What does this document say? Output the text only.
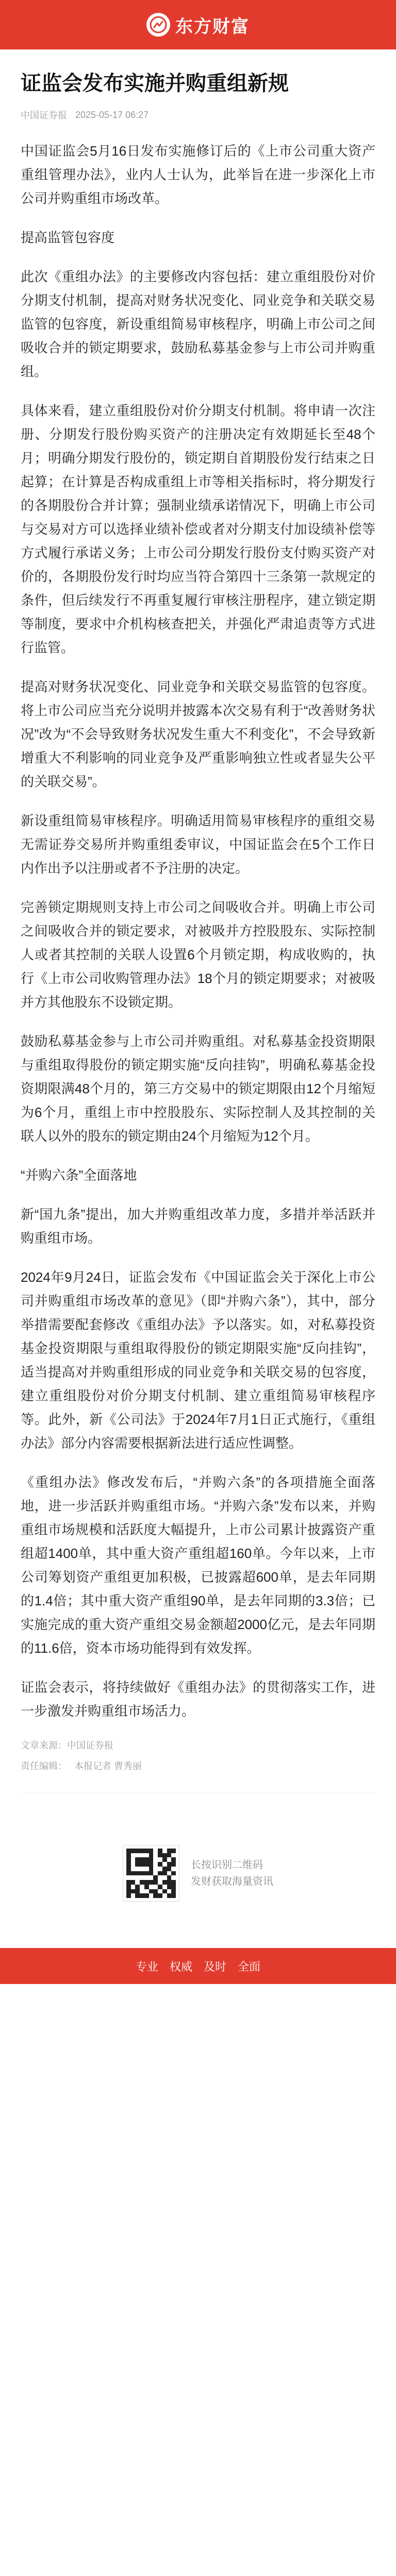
东方财富
证监会发布实施并购重组新规
中国证券报 2025-05-17 06:27

中国证监会5月16日发布实施修订后的《上市公司重大资产重组管理办法》，业内人士认为，此举旨在进一步深化上市公司并购重组市场改革。

提高监管包容度

此次《重组办法》的主要修改内容包括：建立重组股份对价分期支付机制，提高对财务状况变化、同业竞争和关联交易监管的包容度，新设重组简易审核程序，明确上市公司之间吸收合并的锁定期要求，鼓励私募基金参与上市公司并购重组。

具体来看，建立重组股份对价分期支付机制。将申请一次注册、分期发行股份购买资产的注册决定有效期延长至48个月；明确分期发行股份的，锁定期自首期股份发行结束之日起算；在计算是否构成重组上市等相关指标时，将分期发行的各期股份合并计算；强制业绩承诺情况下，明确上市公司与交易对方可以选择业绩补偿或者对分期支付加设绩补偿等方式履行承诺义务；上市公司分期发行股份支付购买资产对价的，各期股份发行时均应当符合第四十三条第一款规定的条件，但后续发行不再重复履行审核注册程序，建立锁定期等制度，要求中介机构核查把关，并强化严肃追责等方式进行监管。

提高对财务状况变化、同业竞争和关联交易监管的包容度。将上市公司应当充分说明并披露本次交易有利于“改善财务状况”改为“不会导致财务状况发生重大不利变化”，不会导致新增重大不利影响的同业竞争及严重影响独立性或者显失公平的关联交易”。

新设重组简易审核程序。明确适用简易审核程序的重组交易无需证券交易所并购重组委审议，中国证监会在5个工作日内作出予以注册或者不予注册的决定。

完善锁定期规则支持上市公司之间吸收合并。明确上市公司之间吸收合并的锁定要求，对被吸并方控股股东、实际控制人或者其控制的关联人设置6个月锁定期，构成收购的，执行《上市公司收购管理办法》18个月的锁定期要求；对被吸并方其他股东不设锁定期。

鼓励私募基金参与上市公司并购重组。对私募基金投资期限与重组取得股份的锁定期实施“反向挂钩”，明确私募基金投资期限满48个月的，第三方交易中的锁定期限由12个月缩短为6个月，重组上市中控股股东、实际控制人及其控制的关联人以外的股东的锁定期由24个月缩短为12个月。

“并购六条”全面落地

新“国九条”提出，加大并购重组改革力度，多措并举活跃并购重组市场。

2024年9月24日，证监会发布《中国证监会关于深化上市公司并购重组市场改革的意见》（即“并购六条”），其中，部分举措需要配套修改《重组办法》予以落实。如，对私募投资基金投资期限与重组取得股份的锁定期限实施“反向挂钩”，适当提高对并购重组形成的同业竞争和关联交易的包容度，建立重组股份对价分期支付机制、建立重组简易审核程序等。此外，新《公司法》于2024年7月1日正式施行，《重组办法》部分内容需要根据新法进行适应性调整。

《重组办法》修改发布后，“并购六条”的各项措施全面落地，进一步活跃并购重组市场。“并购六条”发布以来，并购重组市场规模和活跃度大幅提升，上市公司累计披露资产重组超1400单，其中重大资产重组超160单。今年以来，上市公司筹划资产重组更加积极，已披露超600单，是去年同期的1.4倍；其中重大资产重组90单，是去年同期的3.3倍；已实施完成的重大资产重组交易金额超2000亿元，是去年同期的11.6倍，资本市场功能得到有效发挥。

证监会表示，将持续做好《重组办法》的贯彻落实工作，进一步激发并购重组市场活力。

文章来源：中国证券报
责任编辑： 本报记者 曹秀丽
长按识别二维码
发财获取海量资讯
专业 权威 及时 全面
